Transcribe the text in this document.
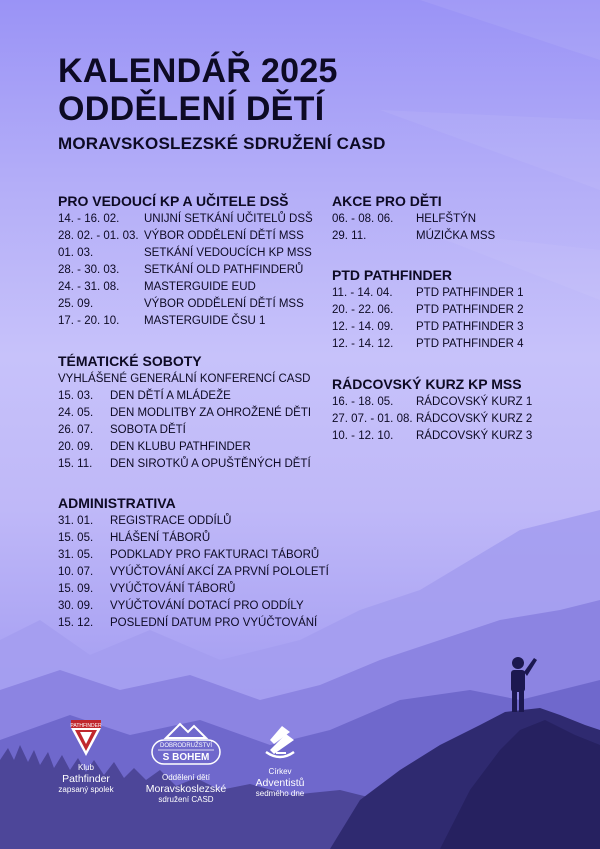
KALENDÁŘ 2025
ODDĚLENÍ DĚTÍ
MORAVSKOSLEZSKÉ SDRUŽENÍ CASD
PRO VEDOUCÍ KP A UČITELE DSŠ
14. - 16. 02.	UNIJNÍ SETKÁNÍ UČITELŮ DSŠ
28. 02. - 01. 03. VÝBOR ODDĚLENÍ DĚTÍ MSS
01. 03.	SETKÁNÍ VEDOUCÍCH KP MSS
28. - 30. 03.	SETKÁNÍ OLD PATHFINDERŮ
24. - 31. 08.	MASTERGUIDE EUD
25. 09.	VÝBOR ODDĚLENÍ DĚTÍ MSS
17. - 20. 10.	MASTERGUIDE ČSU 1
TÉMATICKÉ SOBOTY
VYHLÁŠENÉ GENERÁLNÍ KONFERENCÍ CASD
15. 03.	DEN DĚTÍ A MLÁDEŽE
24. 05.	DEN MODLITBY ZA OHROŽENÉ DĚTI
26. 07.	SOBOTA DĚTÍ
20. 09.	DEN KLUBU PATHFINDER
15. 11.	DEN SIROTKŮ A OPUŠTĚNÝCH DĚTÍ
ADMINISTRATIVA
31. 01.	REGISTRACE ODDÍLŮ
15. 05.	HLÁŠENÍ TÁBORŮ
31. 05.	PODKLADY PRO FAKTURACI TÁBORŮ
10. 07.	VYÚČTOVÁNÍ AKCÍ ZA PRVNÍ POLOLETÍ
15. 09.	VYÚČTOVÁNÍ TÁBORŮ
30. 09.	VYÚČTOVÁNÍ DOTACÍ PRO ODDÍLY
15. 12.	POSLEDNÍ DATUM PRO VYÚČTOVÁNÍ
AKCE PRO DĚTI
06. - 08. 06.	HELFŠTÝN
29. 11.	MÚZIČKA MSS
PTD PATHFINDER
11. - 14. 04.	PTD PATHFINDER 1
20. - 22. 06.	PTD PATHFINDER 2
12. - 14. 09.	PTD PATHFINDER 3
12. - 14. 12.	PTD PATHFINDER 4
RÁDCOVSKÝ KURZ KP MSS
16. - 18. 05.	RÁDCOVSKÝ KURZ 1
27. 07. - 01. 08. RÁDCOVSKÝ KURZ 2
10. - 12. 10.	RÁDCOVSKÝ KURZ 3
PATHFINDER
Klub
Pathfinder
zapsaný spolek
DOBRODRUŽSTVÍ
S BOHEM
Oddělení dětí
Moravskoslezské
sdružení CASD
Církev
Adventistů
sedmého dne
